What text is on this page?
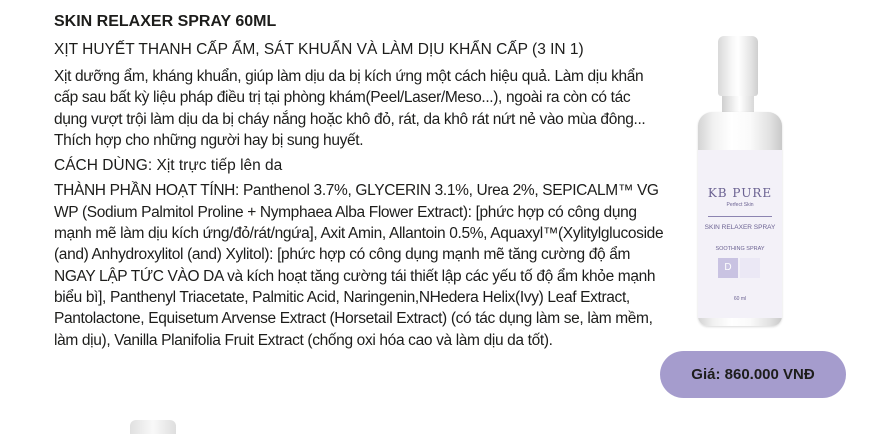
SKIN RELAXER SPRAY 60ML
XỊT HUYẾT THANH CẤP ẨM, SÁT KHUẨN VÀ LÀM DỊU KHẨN CẤP (3 IN 1)
Xịt dưỡng ẩm, kháng khuẩn, giúp làm dịu da bị kích ứng một cách hiệu quả. Làm dịu khẩn cấp sau bất kỳ liệu pháp điều trị tại phòng khám(Peel/Laser/Meso...), ngoài ra còn có tác dụng vượt trội làm dịu da bị cháy nắng hoặc khô đỏ, rát, da khô rát nứt nẻ vào mùa đông... Thích hợp cho những người hay bị sung huyết.
CÁCH DÙNG: Xịt trực tiếp lên da
THÀNH PHẦN HOẠT TÍNH: Panthenol 3.7%, GLYCERIN 3.1%, Urea 2%, SEPICALM™ VG WP (Sodium Palmitol Proline + Nymphaea Alba Flower Extract): [phức hợp có công dụng mạnh mẽ làm dịu kích ứng/đỏ/rát/ngứa], Axit Amin, Allantoin 0.5%, Aquaxyl™(Xylitylglucoside (and) Anhydroxylitol (and) Xylitol): [phức hợp có công dụng mạnh mẽ tăng cường độ ẩm NGAY LẬP TỨC VÀO DA và kích hoạt tăng cường tái thiết lập các yếu tố độ ẩm khỏe mạnh biểu bì], Panthenyl Triacetate, Palmitic Acid, Naringenin,NHedera Helix(Ivy) Leaf Extract, Pantolactone, Equisetum Arvense Extract (Horsetail Extract) (có tác dụng làm se, làm mềm, làm dịu), Vanilla Planifolia Fruit Extract (chống oxi hóa cao và làm dịu da tốt).
KB PURE
Perfect Skin
SKIN RELAXER SPRAY
SOOTHING SPRAY
D
60 ml
Giá: 860.000 VNĐ
